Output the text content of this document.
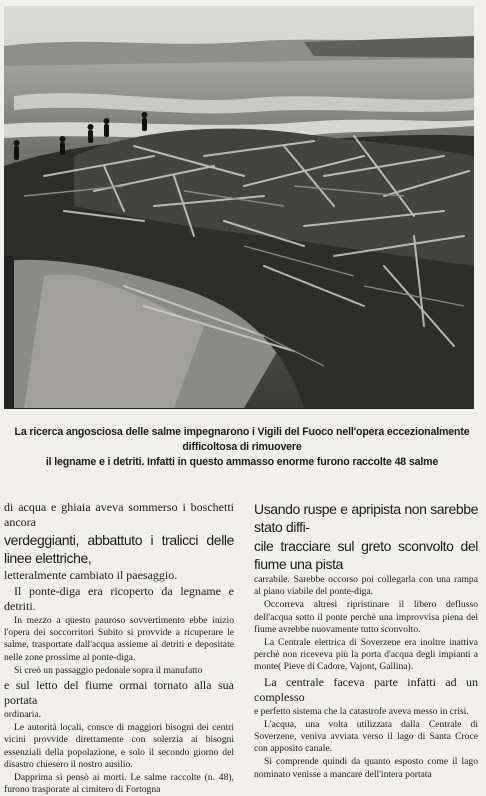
La ricerca angosciosa delle salme impegnarono i Vigili del Fuoco nell'opera eccezionalmente difficoltosa di rimuovere
il legname e i detriti. Infatti in questo ammasso enorme furono raccolte 48 salme

di acqua e ghiaia aveva sommerso i boschetti ancora

verdeggianti, abbattuto i tralicci delle linee elettriche,

letteralmente cambiato il paesaggio.

Il ponte-diga era ricoperto da legname e detriti.

In mezzo a questo pauroso sovvertimento ebbe inizio l'opera dei soccorritori Subito si provvide a ricuperare le salme, trasportate dall'acqua assieme ai detriti e depositate nelle zone prossime al ponte-diga.

Si creò un passaggio pedonale sopra il manufatto

e sul letto del fiume ormai tornato alla sua portata

ordinaria.

Le autorità locali, consce di maggiori bisogni dei centri vicini provvide direttamente con solerzia ai bisogni essenziali della popolazione, e solo il secondo giorno del disastro chiesero il nostro ausilio.

Dapprima si pensò ai morti. Le salme raccolte (n. 48), furono trasporate al cimitero di Fortogna

Usando ruspe e apripista non sarebbe stato diffi-

cile tracciare sul greto sconvolto del fiume una pista

carrabile. Sarebbe occorso poi collegarla con una rampa al piano viabile del ponte-diga.

Occorreva altresì ripristinare il libero deflusso dell'acqua sotto il ponte perchè una improvvisa piena del fiume avrebbe nuovamente tutto sconvolto.

La Centrale elettrica di Soverzene era inoltre inattiva perchè non riceveva più la porta d'acqua degli impianti a monte( Pieve di Cadore, Vajont, Gallina).

La centrale faceva parte infatti ad un complesso

e perfetto sistema che la catastrofe aveva messo in crisi.

L'acqua, una volta utilizzata dalla Centrale di Soverzene, veniva avviata verso il lago di Santa Croce con apposito canale.

Si comprende quindi da quanto esposto come il lago nominato venisse a mancare dell'intera portata
